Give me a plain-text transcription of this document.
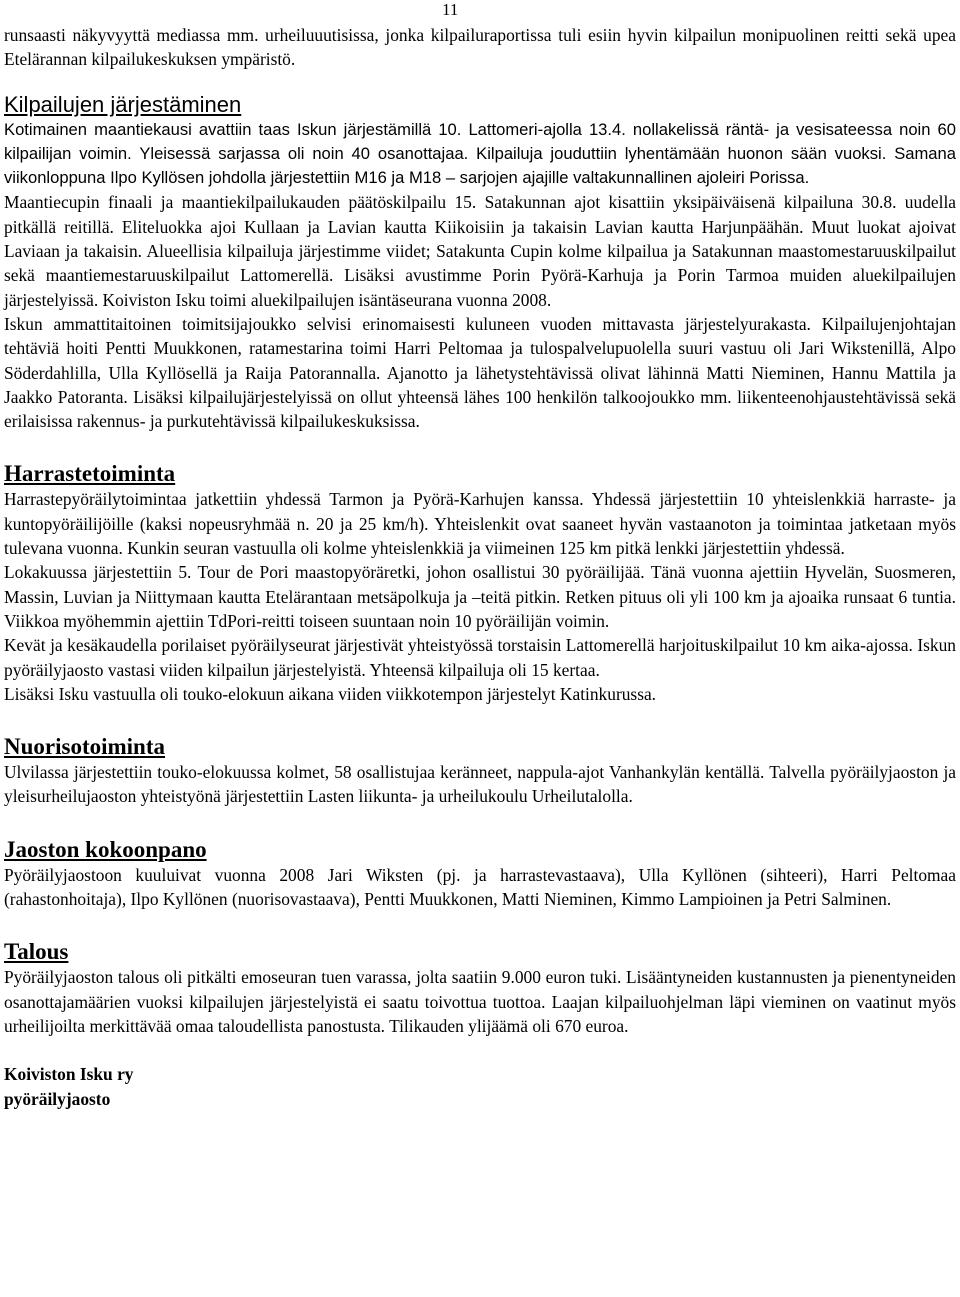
11

runsaasti näkyvyyttä mediassa mm. urheiluuutisissa, jonka kilpailuraportissa tuli esiin hyvin kilpailun monipuolinen reitti sekä upea Etelärannan kilpailukeskuksen ympäristö.

Kilpailujen järjestäminen

Kotimainen maantiekausi avattiin taas Iskun järjestämillä 10. Lattomeri-ajolla 13.4. nollakelissä räntä- ja vesisateessa noin 60 kilpailijan voimin. Yleisessä sarjassa oli noin 40 osanottajaa. Kilpailuja jouduttiin lyhentämään huonon sään vuoksi. Samana viikonloppuna Ilpo Kyllösen johdolla järjestettiin M16 ja M18 – sarjojen ajajille valtakunnallinen ajoleiri Porissa.

Maantiecupin finaali ja maantiekilpailukauden päätöskilpailu 15. Satakunnan ajot kisattiin yksipäiväisenä kilpailuna 30.8. uudella pitkällä reitillä. Eliteluokka ajoi Kullaan ja Lavian kautta Kiikoisiin ja takaisin Lavian kautta Harjunpäähän. Muut luokat ajoivat Laviaan ja takaisin. Alueellisia kilpailuja järjestimme viidet; Satakunta Cupin kolme kilpailua ja Satakunnan maastomestaruuskilpailut sekä maantiemestaruuskilpailut Lattomerellä. Lisäksi avustimme Porin Pyörä-Karhuja ja Porin Tarmoa muiden aluekilpailujen järjestelyissä. Koiviston Isku toimi aluekilpailujen isäntäseurana vuonna 2008.

Iskun ammattitaitoinen toimitsijajoukko selvisi erinomaisesti kuluneen vuoden mittavasta järjestelyurakasta. Kilpailujenjohtajan tehtäviä hoiti Pentti Muukkonen, ratamestarina toimi Harri Peltomaa ja tulospalvelupuolella suuri vastuu oli Jari Wikstenillä, Alpo Söderdahlilla, Ulla Kyllösellä ja Raija Patorannalla. Ajanotto ja lähetystehtävissä olivat lähinnä Matti Nieminen, Hannu Mattila ja Jaakko Patoranta. Lisäksi kilpailujärjestelyissä on ollut yhteensä lähes 100 henkilön talkoojoukko mm. liikenteenohjaustehtävissä sekä erilaisissa rakennus- ja purkutehtävissä kilpailukeskuksissa.

Harrastetoiminta

Harrastepyöräilytoimintaa jatkettiin yhdessä Tarmon ja Pyörä-Karhujen kanssa. Yhdessä järjestettiin 10 yhteislenkkiä harraste- ja kuntopyöräilijöille (kaksi nopeusryhmää n. 20 ja 25 km/h). Yhteislenkit ovat saaneet hyvän vastaanoton ja toimintaa jatketaan myös tulevana vuonna. Kunkin seuran vastuulla oli kolme yhteislenkkiä ja viimeinen 125 km pitkä lenkki järjestettiin yhdessä.

Lokakuussa järjestettiin 5. Tour de Pori maastopyöräretki, johon osallistui 30 pyöräilijää. Tänä vuonna ajettiin Hyvelän, Suosmeren, Massin, Luvian ja Niittymaan kautta Etelärantaan metsäpolkuja ja –teitä pitkin. Retken pituus oli yli 100 km ja ajoaika runsaat 6 tuntia. Viikkoa myöhemmin ajettiin TdPori-reitti toiseen suuntaan noin 10 pyöräilijän voimin.

Kevät ja kesäkaudella porilaiset pyöräilyseurat järjestivät yhteistyössä torstaisin Lattomerellä harjoituskilpailut 10 km aika-ajossa. Iskun pyöräilyjaosto vastasi viiden kilpailun järjestelyistä. Yhteensä kilpailuja oli 15 kertaa.

Lisäksi Isku vastuulla oli touko-elokuun aikana viiden viikkotempon järjestelyt Katinkurussa.

Nuorisotoiminta

Ulvilassa järjestettiin touko-elokuussa kolmet, 58 osallistujaa keränneet, nappula-ajot Vanhankylän kentällä. Talvella pyöräilyjaoston ja yleisurheilujaoston yhteistyönä järjestettiin Lasten liikunta- ja urheilukoulu Urheilutalolla.

Jaoston kokoonpano

Pyöräilyjaostoon kuuluivat vuonna 2008 Jari Wiksten (pj. ja harrastevastaava), Ulla Kyllönen (sihteeri), Harri Peltomaa (rahastonhoitaja), Ilpo Kyllönen (nuorisovastaava), Pentti Muukkonen, Matti Nieminen, Kimmo Lampioinen ja Petri Salminen.

Talous

Pyöräilyjaoston talous oli pitkälti emoseuran tuen varassa, jolta saatiin 9.000 euron tuki. Lisääntyneiden kustannusten ja pienentyneiden osanottajamäärien vuoksi kilpailujen järjestelyistä ei saatu toivottua tuottoa. Laajan kilpailuohjelman läpi vieminen on vaatinut myös urheilijoilta merkittävää omaa taloudellista panostusta. Tilikauden ylijäämä oli 670 euroa.

Koiviston Isku ry
pyöräilyjaosto
